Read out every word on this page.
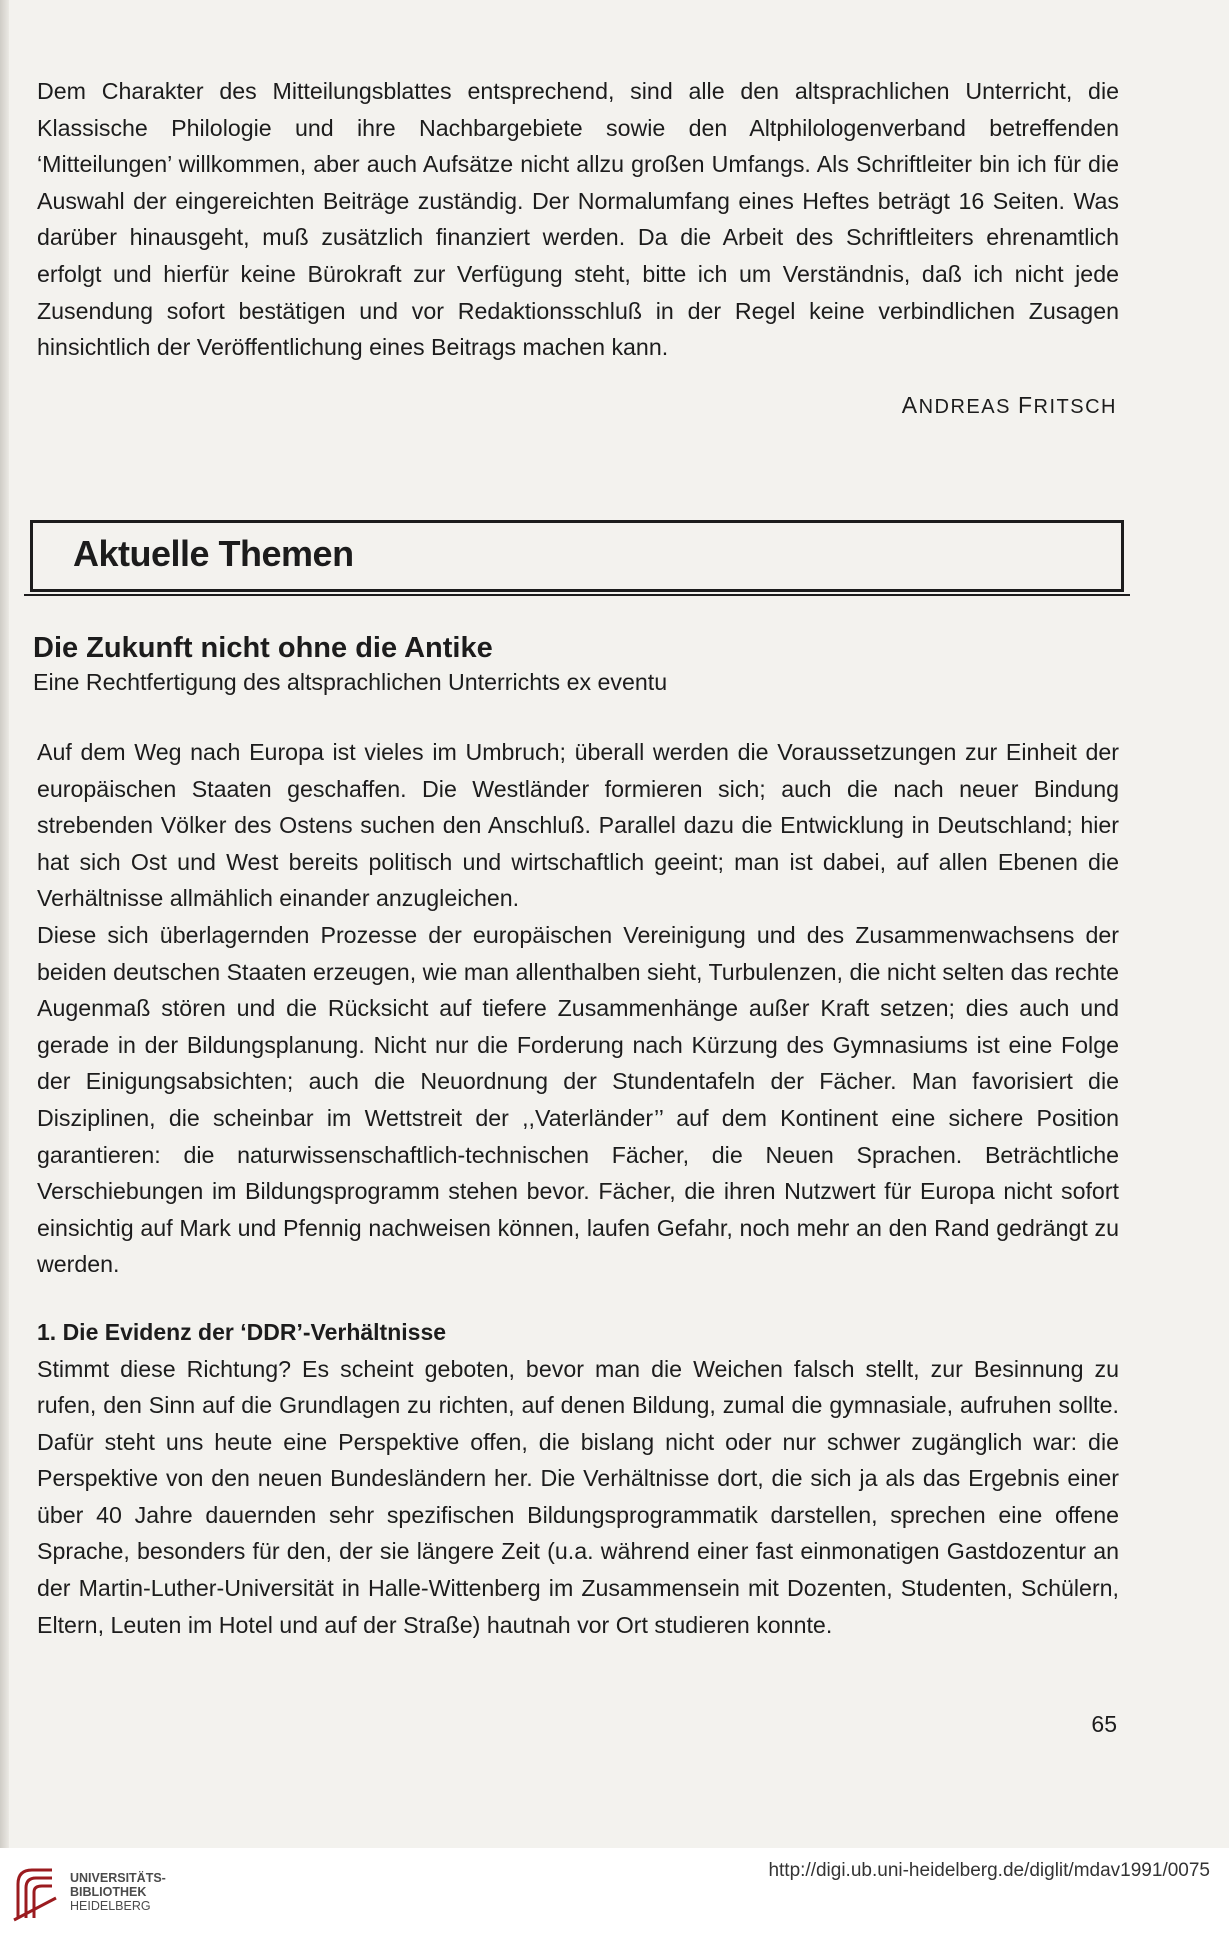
Dem Charakter des Mitteilungsblattes entsprechend, sind alle den altsprachlichen Unterricht, die Klassische Philologie und ihre Nachbargebiete sowie den Altphilologenverband betreffenden ‘Mitteilungen’ willkommen, aber auch Aufsätze nicht allzu großen Umfangs. Als Schriftleiter bin ich für die Auswahl der eingereichten Beiträge zuständig. Der Normalumfang eines Heftes beträgt 16 Seiten. Was darüber hinausgeht, muß zusätzlich finanziert werden. Da die Arbeit des Schriftleiters ehrenamtlich erfolgt und hierfür keine Bürokraft zur Verfügung steht, bitte ich um Verständnis, daß ich nicht jede Zusendung sofort bestätigen und vor Redaktionsschluß in der Regel keine verbindlichen Zusagen hinsichtlich der Veröffentlichung eines Beitrags machen kann.

ANDREAS FRITSCH
Aktuelle Themen
Die Zukunft nicht ohne die Antike

Eine Rechtfertigung des altsprachlichen Unterrichts ex eventu

Auf dem Weg nach Europa ist vieles im Umbruch; überall werden die Voraussetzungen zur Einheit der europäischen Staaten geschaffen. Die Westländer formieren sich; auch die nach neuer Bindung strebenden Völker des Ostens suchen den Anschluß. Parallel dazu die Entwicklung in Deutschland; hier hat sich Ost und West bereits politisch und wirtschaftlich geeint; man ist dabei, auf allen Ebenen die Verhältnisse allmählich einander anzugleichen.

Diese sich überlagernden Prozesse der europäischen Vereinigung und des Zusammenwachsens der beiden deutschen Staaten erzeugen, wie man allenthalben sieht, Turbulenzen, die nicht selten das rechte Augenmaß stören und die Rücksicht auf tiefere Zusammenhänge außer Kraft setzen; dies auch und gerade in der Bildungsplanung. Nicht nur die Forderung nach Kürzung des Gymnasiums ist eine Folge der Einigungsabsichten; auch die Neuordnung der Stundentafeln der Fächer. Man favorisiert die Disziplinen, die scheinbar im Wettstreit der ,,Vaterländer’’ auf dem Kontinent eine sichere Position garantieren: die naturwissenschaftlich-technischen Fächer, die Neuen Sprachen. Beträchtliche Verschiebungen im Bildungsprogramm stehen bevor. Fächer, die ihren Nutzwert für Europa nicht sofort einsichtig auf Mark und Pfennig nachweisen können, laufen Gefahr, noch mehr an den Rand gedrängt zu werden.

1. Die Evidenz der ‘DDR’-Verhältnisse

Stimmt diese Richtung? Es scheint geboten, bevor man die Weichen falsch stellt, zur Besinnung zu rufen, den Sinn auf die Grundlagen zu richten, auf denen Bildung, zumal die gymnasiale, aufruhen sollte. Dafür steht uns heute eine Perspektive offen, die bislang nicht oder nur schwer zugänglich war: die Perspektive von den neuen Bundesländern her. Die Verhältnisse dort, die sich ja als das Ergebnis einer über 40 Jahre dauernden sehr spezifischen Bildungsprogrammatik darstellen, sprechen eine offene Sprache, besonders für den, der sie längere Zeit (u.a. während einer fast einmonatigen Gastdozentur an der Martin-Luther-Universität in Halle-Wittenberg im Zusammensein mit Dozenten, Studenten, Schülern, Eltern, Leuten im Hotel und auf der Straße) hautnah vor Ort studieren konnte.

65
UNIVERSITÄTS-
BIBLIOTHEK
HEIDELBERG
http://digi.ub.uni-heidelberg.de/diglit/mdav1991/0075
